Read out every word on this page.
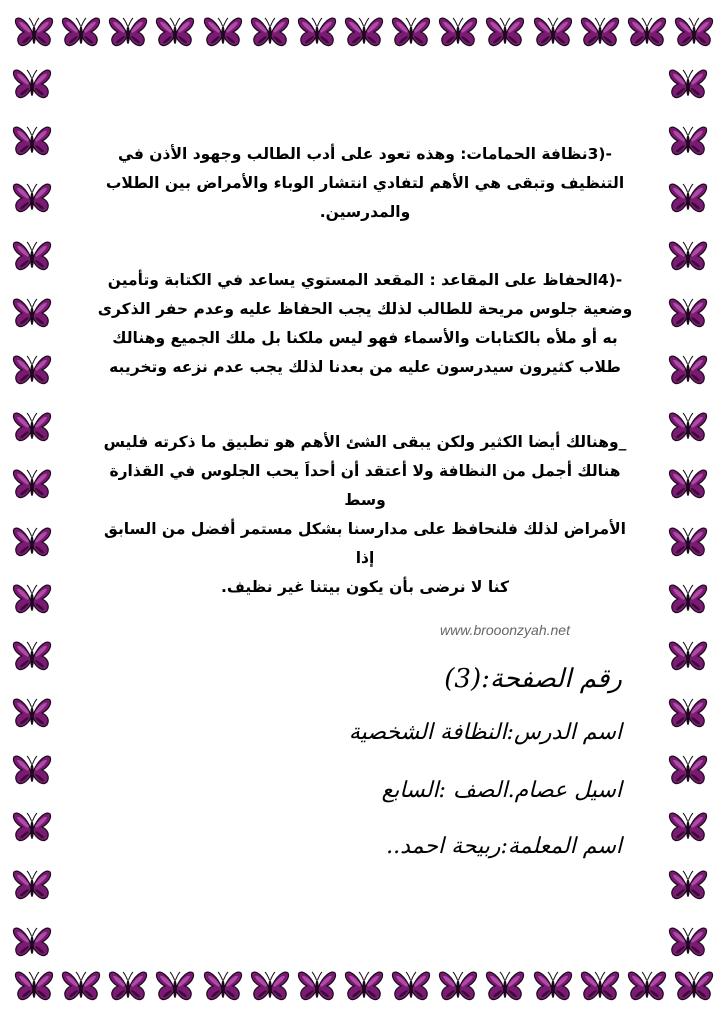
-(3نظافة الحمامات: وهذه تعود على أدب الطالب وجهود الأذن في
التنظيف وتبقى هي الأهم لتفادي انتشار الوباء والأمراض بين الطلاب
والمدرسين.

-(4الحفاظ على المقاعد : المقعد المستوي يساعد في الكتابة وتأمين
وضعية جلوس مريحة للطالب لذلك يجب الحفاظ عليه وعدم حفر الذكرى
به أو ملأه بالكتابات والأسماء فهو ليس ملكنا بل ملك الجميع وهنالك
طلاب كثيرون سيدرسون عليه من بعدنا لذلك يجب عدم نزعه وتخريبه

_وهنالك أيضا الكثير ولكن يبقى الشئ الأهم هو تطبيق ما ذكرته فليس
هنالك أجمل من النظافة ولا أعتقد أن أحداَ يحب الجلوس في القذارة وسط
الأمراض لذلك فلنحافظ على مدارسنا بشكل مستمر أفضل من السابق إذا
كنا لا نرضى بأن يكون بيتنا غير نظيف.

www.brooonzyah.net
رقم الصفحة:(3)
اسم الدرس:النظافة الشخصية
اسيل عصام.الصف :السابع
اسم المعلمة:ربيحة احمد..
